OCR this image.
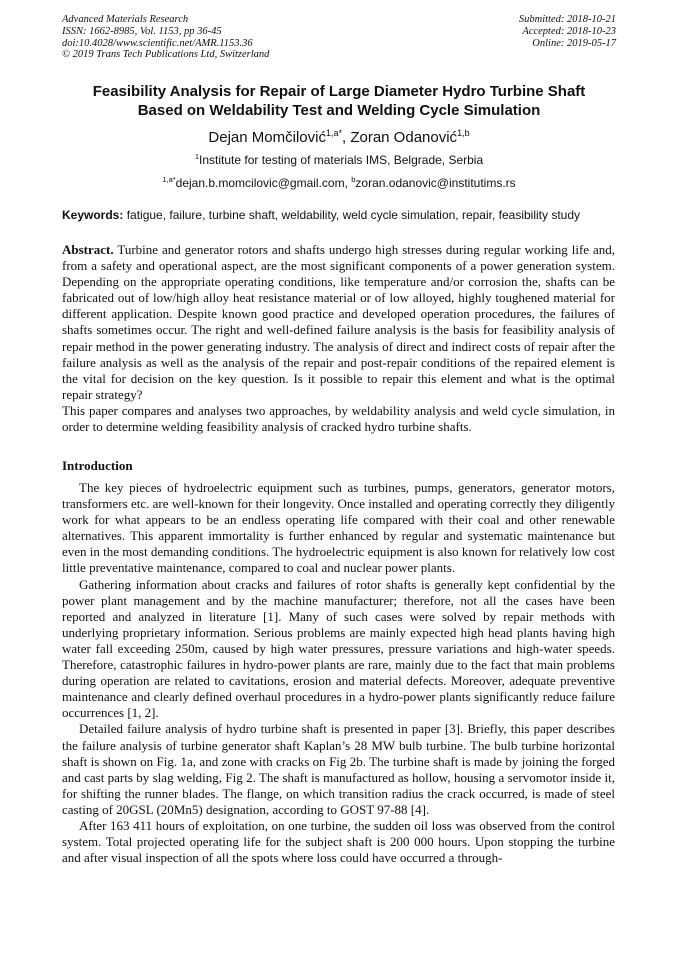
Advanced Materials Research
ISSN: 1662-8985, Vol. 1153, pp 36-45
doi:10.4028/www.scientific.net/AMR.1153.36
© 2019 Trans Tech Publications Ltd, Switzerland
Submitted: 2018-10-21
Accepted: 2018-10-23
Online: 2019-05-17
Feasibility Analysis for Repair of Large Diameter Hydro Turbine Shaft
Based on Weldability Test and Welding Cycle Simulation
Dejan Momčilović$^{1,a*}$, Zoran Odanović$^{1,b}$
$^1$Institute for testing of materials IMS, Belgrade, Serbia
$^{1,a*}$dejan.b.momcilovic@gmail.com, $^b$zoran.odanovic@institutims.rs
Keywords: fatigue, failure, turbine shaft, weldability, weld cycle simulation, repair, feasibility study

Abstract. Turbine and generator rotors and shafts undergo high stresses during regular working life and, from a safety and operational aspect, are the most significant components of a power generation system. Depending on the appropriate operating conditions, like temperature and/or corrosion the, shafts can be fabricated out of low/high alloy heat resistance material or of low alloyed, highly toughened material for different application. Despite known good practice and developed operation procedures, the failures of shafts sometimes occur. The right and well-defined failure analysis is the basis for feasibility analysis of repair method in the power generating industry. The analysis of direct and indirect costs of repair after the failure analysis as well as the analysis of the repair and post-repair conditions of the repaired element is the vital for decision on the key question. Is it possible to repair this element and what is the optimal repair strategy?

This paper compares and analyses two approaches, by weldability analysis and weld cycle simulation, in order to determine welding feasibility analysis of cracked hydro turbine shafts.

Introduction

The key pieces of hydroelectric equipment such as turbines, pumps, generators, generator motors, transformers etc. are well-known for their longevity. Once installed and operating correctly they diligently work for what appears to be an endless operating life compared with their coal and other renewable alternatives. This apparent immortality is further enhanced by regular and systematic maintenance but even in the most demanding conditions. The hydroelectric equipment is also known for relatively low cost little preventative maintenance, compared to coal and nuclear power plants.

Gathering information about cracks and failures of rotor shafts is generally kept confidential by the power plant management and by the machine manufacturer; therefore, not all the cases have been reported and analyzed in literature [1]. Many of such cases were solved by repair methods with underlying proprietary information. Serious problems are mainly expected high head plants having high water fall exceeding 250m, caused by high water pressures, pressure variations and high-water speeds. Therefore, catastrophic failures in hydro-power plants are rare, mainly due to the fact that main problems during operation are related to cavitations, erosion and material defects. Moreover, adequate preventive maintenance and clearly defined overhaul procedures in a hydro-power plants significantly reduce failure occurrences [1, 2].

Detailed failure analysis of hydro turbine shaft is presented in paper [3]. Briefly, this paper describes the failure analysis of turbine generator shaft Kaplan’s 28 MW bulb turbine. The bulb turbine horizontal shaft is shown on Fig. 1a, and zone with cracks on Fig 2b. The turbine shaft is made by joining the forged and cast parts by slag welding, Fig 2. The shaft is manufactured as hollow, housing a servomotor inside it, for shifting the runner blades. The flange, on which transition radius the crack occurred, is made of steel casting of 20GSL (20Mn5) designation, according to GOST 97-88 [4].

After 163 411 hours of exploitation, on one turbine, the sudden oil loss was observed from the control system. Total projected operating life for the subject shaft is 200 000 hours. Upon stopping the turbine and after visual inspection of all the spots where loss could have occurred a through-
